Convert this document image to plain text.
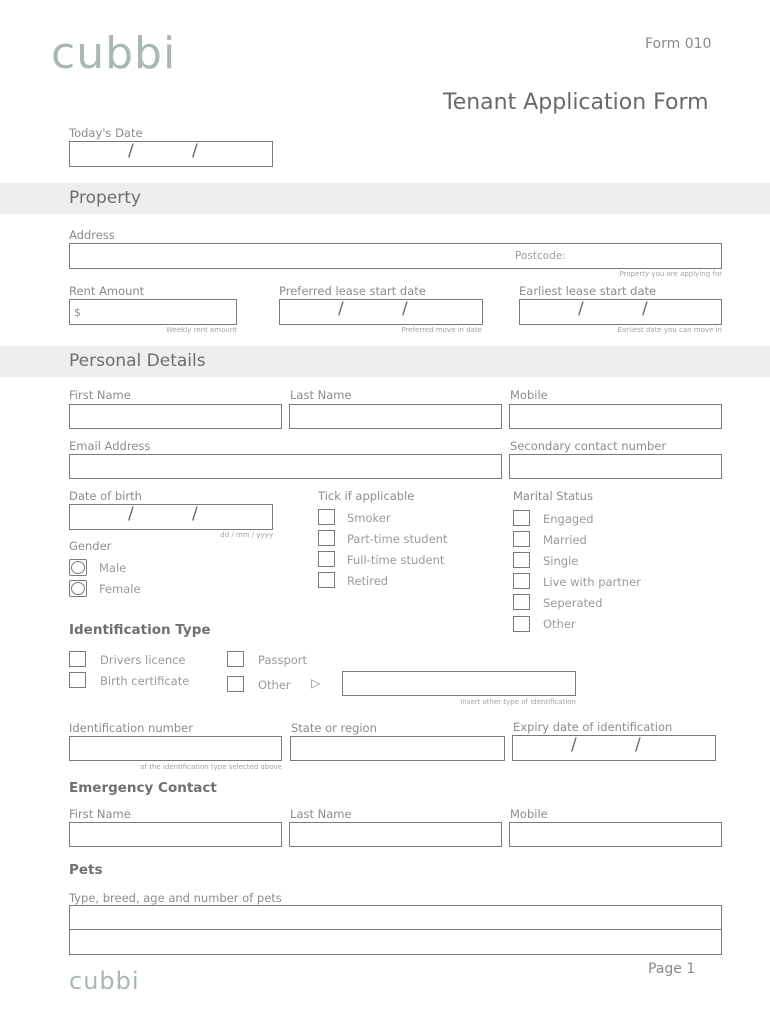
cubbi	Form 010
Tenant Application Form
Today's Date
/	/
Property
Address
Postcode:
Property you are applying for
Rent Amount
$
Weekly rent amount
Preferred lease start date
/	/
Preferred move in date
Earliest lease start date
/	/
Earliest date you can move in
Personal Details
First Name	Last Name	Mobile
Email Address	Secondary contact number
Date of birth
/	/
dd / mm / yyyy
Gender
Male
Female
Tick if applicable
Smoker
Part-time student
Full-time student
Retired
Marital Status
Engaged
Married
Single
Live with partner
Seperated
Other
Identification Type
Drivers licence	Passport
Birth certificate	Other ▷
Insert other type of identification
Identification number
of the identification type selected above
State or region	Expiry date of identification
/	/
Emergency Contact
First Name	Last Name	Mobile
Pets
Type, breed, age and number of pets
cubbi	Page 1
